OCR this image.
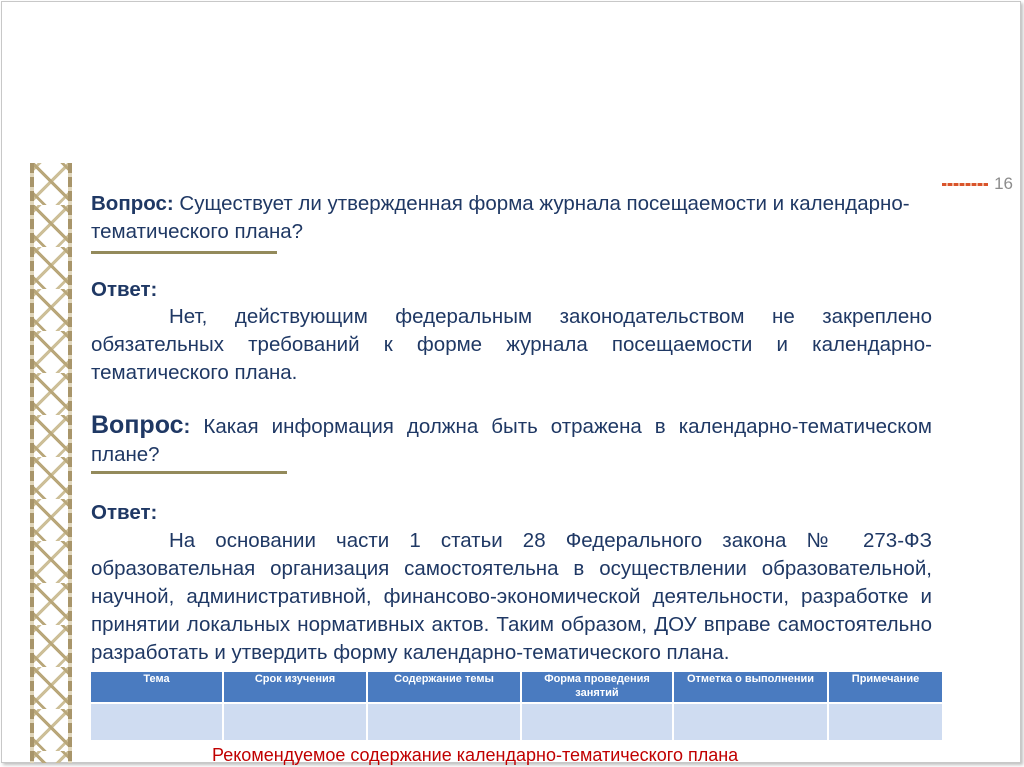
16
Вопрос: Существует ли утвержденная форма журнала посещаемости и календарно-тематического плана?
Ответ:
Нет, действующим федеральным законодательством не закреплено обязательных требований к форме журнала посещаемости и календарно-тематического плана.
Вопрос: Какая информация должна быть отражена в календарно-тематическом плане?
Ответ:
На основании части 1 статьи 28 Федерального закона № 273-ФЗ образовательная организация самостоятельна в осуществлении образовательной, научной, административной, финансово-экономической деятельности, разработке и принятии локальных нормативных актов. Таким образом, ДОУ вправе самостоятельно разработать и утвердить форму календарно-тематического плана.
Тема	Срок изучения	Содержание темы	Форма проведения занятий	Отметка о выполнении	Примечание

Рекомендуемое содержание календарно-тематического плана
